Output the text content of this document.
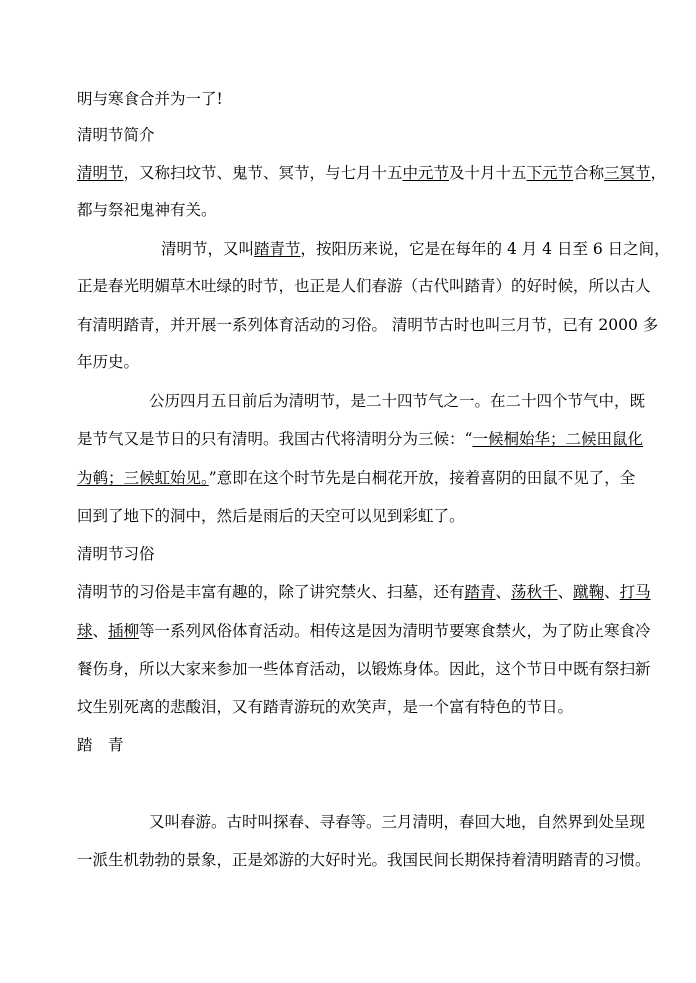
明与寒食合并为一了!
清明节简介
清明节，又称扫坟节、鬼节、冥节，与七月十五中元节及十月十五下元节合称三冥节，
都与祭祀鬼神有关。
清明节，又叫踏青节，按阳历来说，它是在每年的 4 月 4 日至 6 日之间，
正是春光明媚草木吐绿的时节，也正是人们春游（古代叫踏青）的好时候，所以古人
有清明踏青，并开展一系列体育活动的习俗。 清明节古时也叫三月节，已有 2000 多
年历史。
公历四月五日前后为清明节，是二十四节气之一。在二十四个节气中，既
是节气又是节日的只有清明。我国古代将清明分为三候：“一候桐始华；二候田鼠化
为鹌；三候虹始见。”意即在这个时节先是白桐花开放，接着喜阴的田鼠不见了，全
回到了地下的洞中，然后是雨后的天空可以见到彩虹了。
清明节习俗
清明节的习俗是丰富有趣的，除了讲究禁火、扫墓，还有踏青、荡秋千、蹴鞠、打马
球、插柳等一系列风俗体育活动。相传这是因为清明节要寒食禁火，为了防止寒食冷
餐伤身，所以大家来参加一些体育活动，以锻炼身体。因此，这个节日中既有祭扫新
坟生别死离的悲酸泪，又有踏青游玩的欢笑声，是一个富有特色的节日。
踏　青
又叫春游。古时叫探春、寻春等。三月清明，春回大地，自然界到处呈现
一派生机勃勃的景象，正是郊游的大好时光。我国民间长期保持着清明踏青的习惯。
